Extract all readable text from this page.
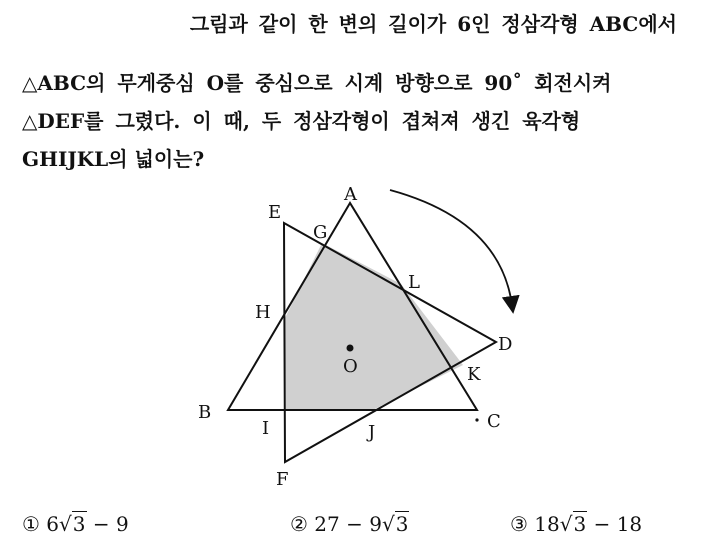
그림과 같이 한 변의 길이가 6인 정삼각형 ABC에서
△ABC의 무게중심 O를 중심으로 시계 방향으로 90˚ 회전시켜
△DEF를 그렸다. 이 때, 두 정삼각형이 겹쳐져 생긴 육각형
GHIJKL의 넓이는?
A
B	C
D
E
F
G
H
I	J
K
L
O
① 6√3 − 9	② 27 − 9√3	③ 18√3 − 18
